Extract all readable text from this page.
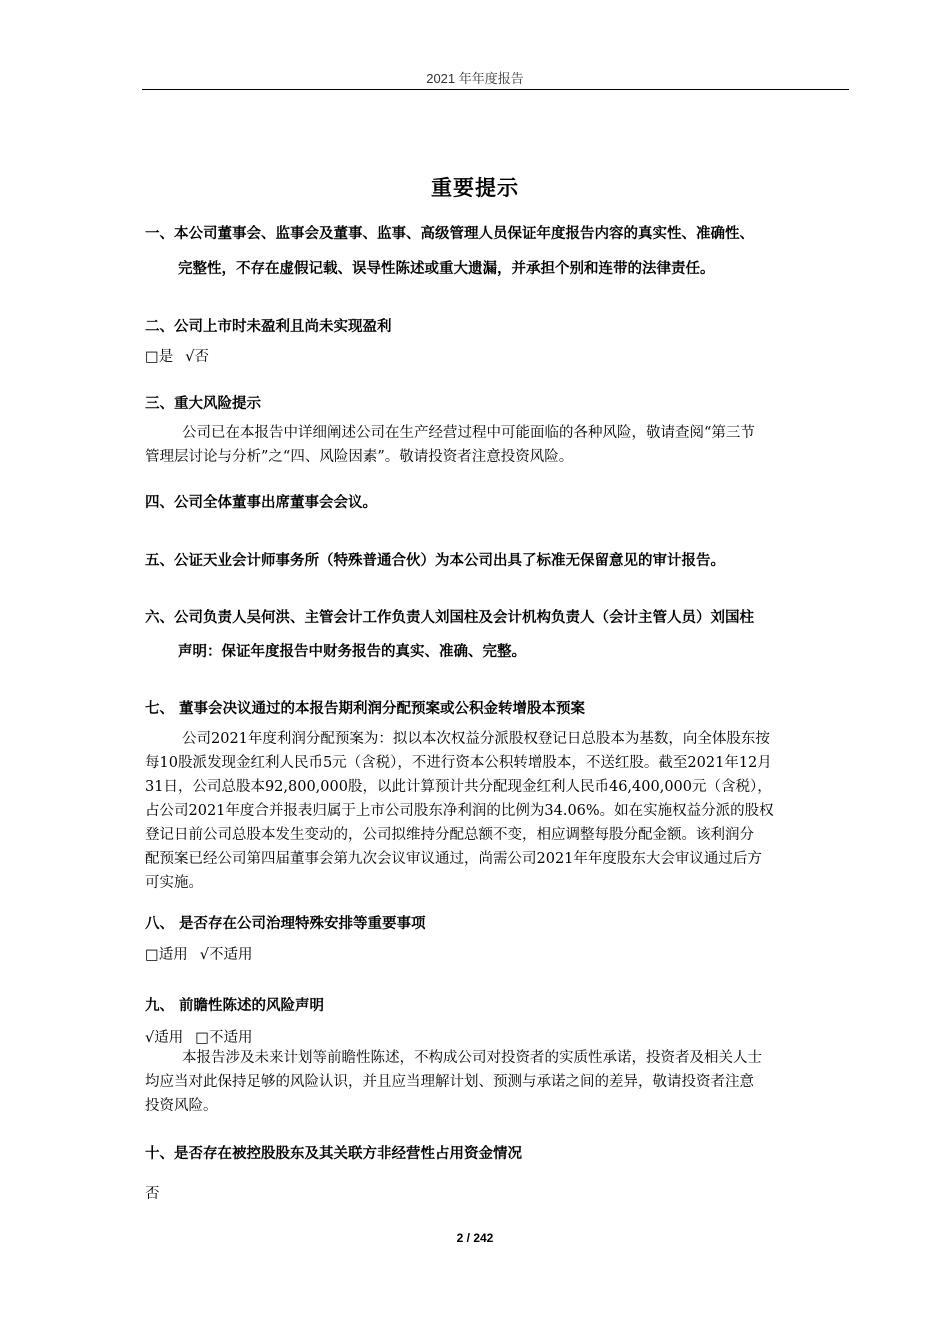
2021 年年度报告
重要提示
一、本公司董事会、监事会及董事、监事、高级管理人员保证年度报告内容的真实性、准确性、
完整性，不存在虚假记载、误导性陈述或重大遗漏，并承担个别和连带的法律责任。
二、公司上市时未盈利且尚未实现盈利
□是 √否
三、重大风险提示
公司已在本报告中详细阐述公司在生产经营过程中可能面临的各种风险，敬请查阅“第三节
管理层讨论与分析”之“四、风险因素”。敬请投资者注意投资风险。
四、公司全体董事出席董事会会议。
五、公证天业会计师事务所（特殊普通合伙）为本公司出具了标准无保留意见的审计报告。
六、公司负责人吴何洪、主管会计工作负责人刘国柱及会计机构负责人（会计主管人员）刘国柱
声明：保证年度报告中财务报告的真实、准确、完整。
七、 董事会决议通过的本报告期利润分配预案或公积金转增股本预案
公司2021年度利润分配预案为：拟以本次权益分派股权登记日总股本为基数，向全体股东按
每10股派发现金红利人民币5元（含税），不进行资本公积转增股本，不送红股。截至2021年12月
31日，公司总股本92,800,000股，以此计算预计共分配现金红利人民币46,400,000元（含税），
占公司2021年度合并报表归属于上市公司股东净利润的比例为34.06%。如在实施权益分派的股权
登记日前公司总股本发生变动的，公司拟维持分配总额不变，相应调整每股分配金额。该利润分
配预案已经公司第四届董事会第九次会议审议通过，尚需公司2021年年度股东大会审议通过后方
可实施。
八、 是否存在公司治理特殊安排等重要事项
□适用 √不适用
九、 前瞻性陈述的风险声明
√适用 □不适用
本报告涉及未来计划等前瞻性陈述，不构成公司对投资者的实质性承诺，投资者及相关人士
均应当对此保持足够的风险认识，并且应当理解计划、预测与承诺之间的差异，敬请投资者注意
投资风险。
十、是否存在被控股股东及其关联方非经营性占用资金情况
否
2 / 242
